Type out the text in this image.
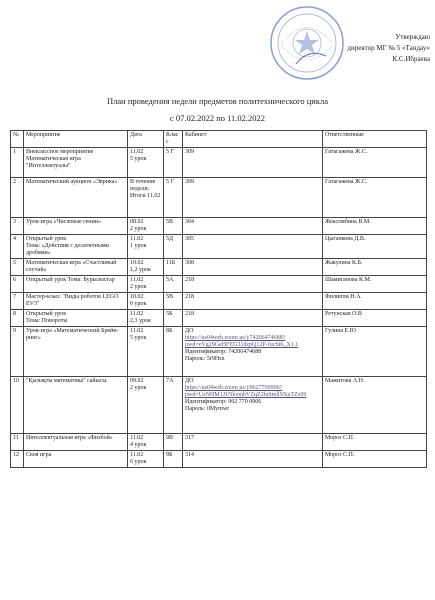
Утверждаю
директор МГ № 5 «Тандау»
К.С.Ибраева
План проведения недели предметов политехнического цикла
с 07.02.2022 по 11.02.2022
№	Мероприятие	Дата	Класс	Кабинет	Ответственные
1	Внеклассное мероприятие Математическая игра "Интеллектуалы"	11.02
5 урок	5 Г	309	Гатагажева Ж.С.
2	Математический аукцион «Эврика»	В течение недели. Итоги 11.02	5 Г	309	Гатагажева Ж.С.
3	Урок-игра «Числовые гении»	08.02
2 урок	5В	304	Жексембина В.М.
4	Открытый урок
Тема: «Действия с десятичными дробями»	11.02
1 урок	5Д	305	Цыганкова Д.В.
5	Математическая игра «Счастливый случай»	10.02
1,2 урок	11Б	308	Жакулина К.Б.
6	Открытый урок Тема: Бурылыстар	11.02
2 урок	5А	218	Шамиганова К.М.
7	Мастер-класс "Виды роботов LEGO EV3"	10.02
0 урок	5В	218	Филиппи Н.А.
8	Открытый урок
Тема: Повороты	11.02
2,3 урок	5Б	218	Ретунская О.В
9	Урок-игра «Математический Брейн-ринг»	11.02
5 урок	8Б	ДО
https://us04web.zoom.us/j/74206474688?pwd=eYg29GeHFEG31dzpQ12P-fucSt6_X1.1
Идентификатор: 74206474688
Пароль: 5r9Hsn	Гулина Е.Ю
10	"Қызықты математика" сайысы.	09.02
2 урок	7А	ДО
https://us04web.zoom.us/j/9627700906?pwd=UzNHM1J1NkxmbVZqZ2lnSmllSXpTZz09
Идентификатор: 962 770 0906
Пароль: 0Mymwr	Мажитова А.Н.
11	Интеллектуальная игра «Физбой»	11.02
4 урок	9В	317	Мороз С.П.
12	Своя игра	11.02
6 урок	9Б	314	Мороз С.П.
